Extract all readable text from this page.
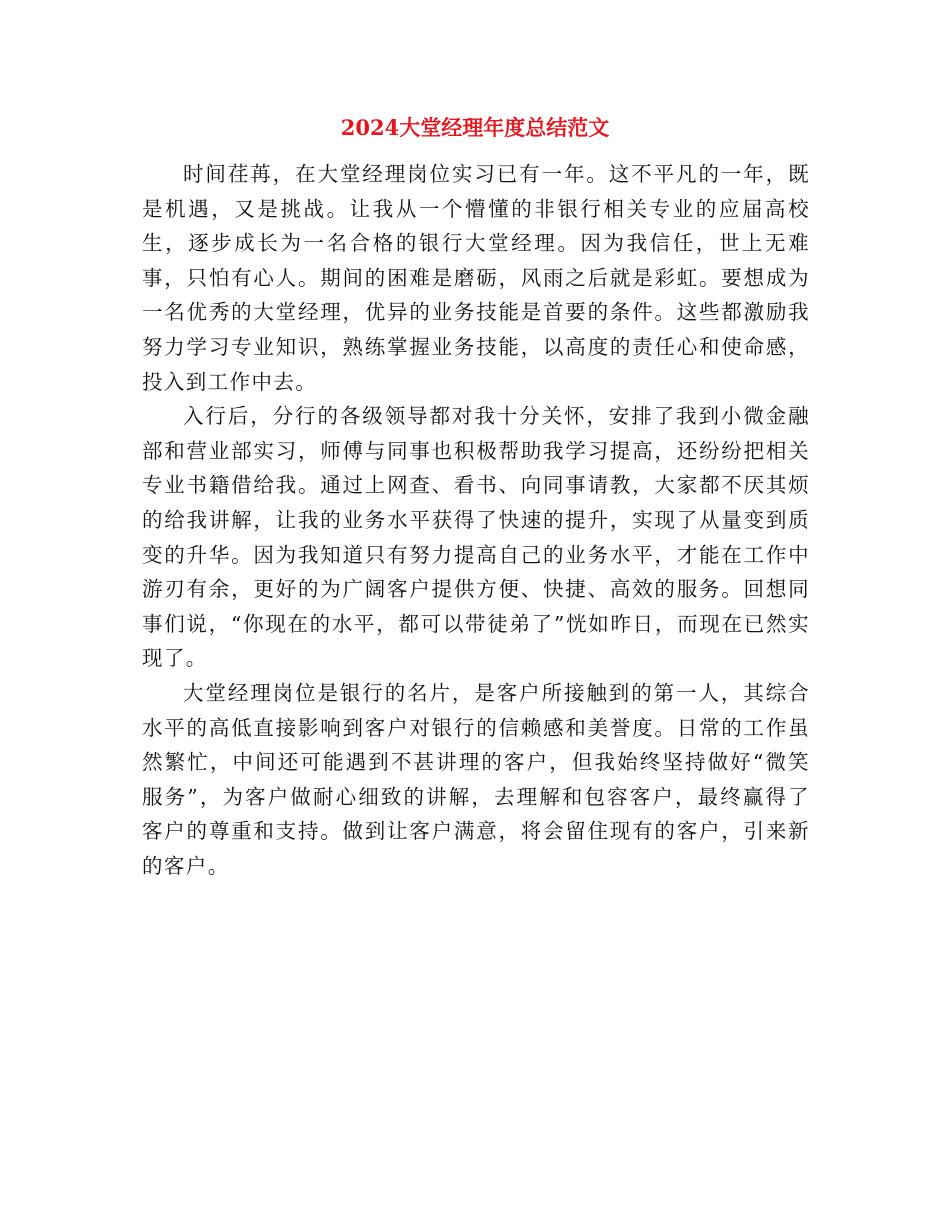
2024大堂经理年度总结范文

时间荏苒，在大堂经理岗位实习已有一年。这不平凡的一年，既是机遇，又是挑战。让我从一个懵懂的非银行相关专业的应届高校生，逐步成长为一名合格的银行大堂经理。因为我信任，世上无难事，只怕有心人。期间的困难是磨砺，风雨之后就是彩虹。要想成为一名优秀的大堂经理，优异的业务技能是首要的条件。这些都激励我努力学习专业知识，熟练掌握业务技能，以高度的责任心和使命感，投入到工作中去。

入行后，分行的各级领导都对我十分关怀，安排了我到小微金融部和营业部实习，师傅与同事也积极帮助我学习提高，还纷纷把相关专业书籍借给我。通过上网查、看书、向同事请教，大家都不厌其烦的给我讲解，让我的业务水平获得了快速的提升，实现了从量变到质变的升华。因为我知道只有努力提高自己的业务水平，才能在工作中游刃有余，更好的为广阔客户提供方便、快捷、高效的服务。回想同事们说，“你现在的水平，都可以带徒弟了”恍如昨日，而现在已然实现了。

大堂经理岗位是银行的名片，是客户所接触到的第一人，其综合水平的高低直接影响到客户对银行的信赖感和美誉度。日常的工作虽然繁忙，中间还可能遇到不甚讲理的客户，但我始终坚持做好“微笑服务”，为客户做耐心细致的讲解，去理解和包容客户，最终赢得了客户的尊重和支持。做到让客户满意，将会留住现有的客户，引来新的客户。
